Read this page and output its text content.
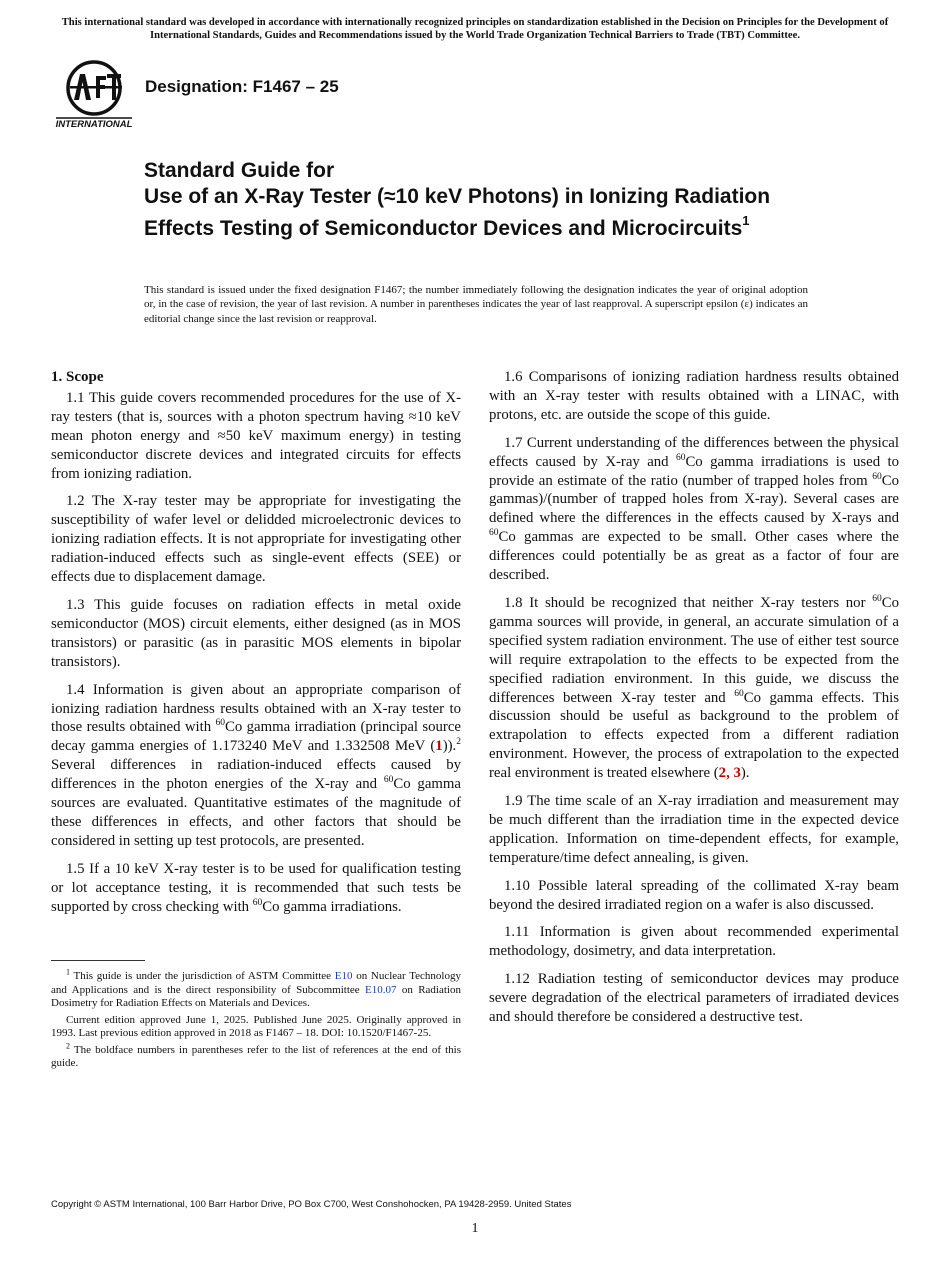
This international standard was developed in accordance with internationally recognized principles on standardization established in the Decision on Principles for the Development of International Standards, Guides and Recommendations issued by the World Trade Organization Technical Barriers to Trade (TBT) Committee.
INTERNATIONAL
Designation: F1467 – 25
Standard Guide for
Use of an X-Ray Tester (≈10 keV Photons) in Ionizing Radiation Effects Testing of Semiconductor Devices and Microcircuits$^1$
This standard is issued under the fixed designation F1467; the number immediately following the designation indicates the year of original adoption or, in the case of revision, the year of last revision. A number in parentheses indicates the year of last reapproval. A superscript epsilon (ε) indicates an editorial change since the last revision or reapproval.
1. Scope

1.1 This guide covers recommended procedures for the use of X-ray testers (that is, sources with a photon spectrum having ≈10 keV mean photon energy and ≈50 keV maximum energy) in testing semiconductor discrete devices and integrated circuits for effects from ionizing radiation.

1.2 The X-ray tester may be appropriate for investigating the susceptibility of wafer level or delidded microelectronic devices to ionizing radiation effects. It is not appropriate for investigating other radiation-induced effects such as single-event effects (SEE) or effects due to displacement damage.

1.3 This guide focuses on radiation effects in metal oxide semiconductor (MOS) circuit elements, either designed (as in MOS transistors) or parasitic (as in parasitic MOS elements in bipolar transistors).

1.4 Information is given about an appropriate comparison of ionizing radiation hardness results obtained with an X-ray tester to those results obtained with $^{60}$Co gamma irradiation (principal source decay gamma energies of 1.173240 MeV and 1.332508 MeV (1)).$^2$ Several differences in radiation-induced effects caused by differences in the photon energies of the X-ray and $^{60}$Co gamma sources are evaluated. Quantitative estimates of the magnitude of these differences in effects, and other factors that should be considered in setting up test protocols, are presented.

1.5 If a 10 keV X-ray tester is to be used for qualification testing or lot acceptance testing, it is recommended that such tests be supported by cross checking with $^{60}$Co gamma irradiations.

1.6 Comparisons of ionizing radiation hardness results obtained with an X-ray tester with results obtained with a LINAC, with protons, etc. are outside the scope of this guide.

1.7 Current understanding of the differences between the physical effects caused by X-ray and $^{60}$Co gamma irradiations is used to provide an estimate of the ratio (number of trapped holes from $^{60}$Co gammas)/(number of trapped holes from X-ray). Several cases are defined where the differences in the effects caused by X-rays and $^{60}$Co gammas are expected to be small. Other cases where the differences could potentially be as great as a factor of four are described.

1.8 It should be recognized that neither X-ray testers nor $^{60}$Co gamma sources will provide, in general, an accurate simulation of a specified system radiation environment. The use of either test source will require extrapolation to the effects to be expected from the specified radiation environment. In this guide, we discuss the differences between X-ray tester and $^{60}$Co gamma effects. This discussion should be useful as background to the problem of extrapolation to effects expected from a different radiation environment. However, the process of extrapolation to the expected real environment is treated elsewhere (2, 3).

1.9 The time scale of an X-ray irradiation and measurement may be much different than the irradiation time in the expected device application. Information on time-dependent effects, for example, temperature/time defect annealing, is given.

1.10 Possible lateral spreading of the collimated X-ray beam beyond the desired irradiated region on a wafer is also discussed.

1.11 Information is given about recommended experimental methodology, dosimetry, and data interpretation.

1.12 Radiation testing of semiconductor devices may produce severe degradation of the electrical parameters of irradiated devices and should therefore be considered a destructive test.

$^1$ This guide is under the jurisdiction of ASTM Committee E10 on Nuclear Technology and Applications and is the direct responsibility of Subcommittee E10.07 on Radiation Dosimetry for Radiation Effects on Materials and Devices.

Current edition approved June 1, 2025. Published June 2025. Originally approved in 1993. Last previous edition approved in 2018 as F1467 – 18. DOI: 10.1520/F1467-25.

$^2$ The boldface numbers in parentheses refer to the list of references at the end of this guide.

Copyright © ASTM International, 100 Barr Harbor Drive, PO Box C700, West Conshohocken, PA 19428-2959. United States
1
